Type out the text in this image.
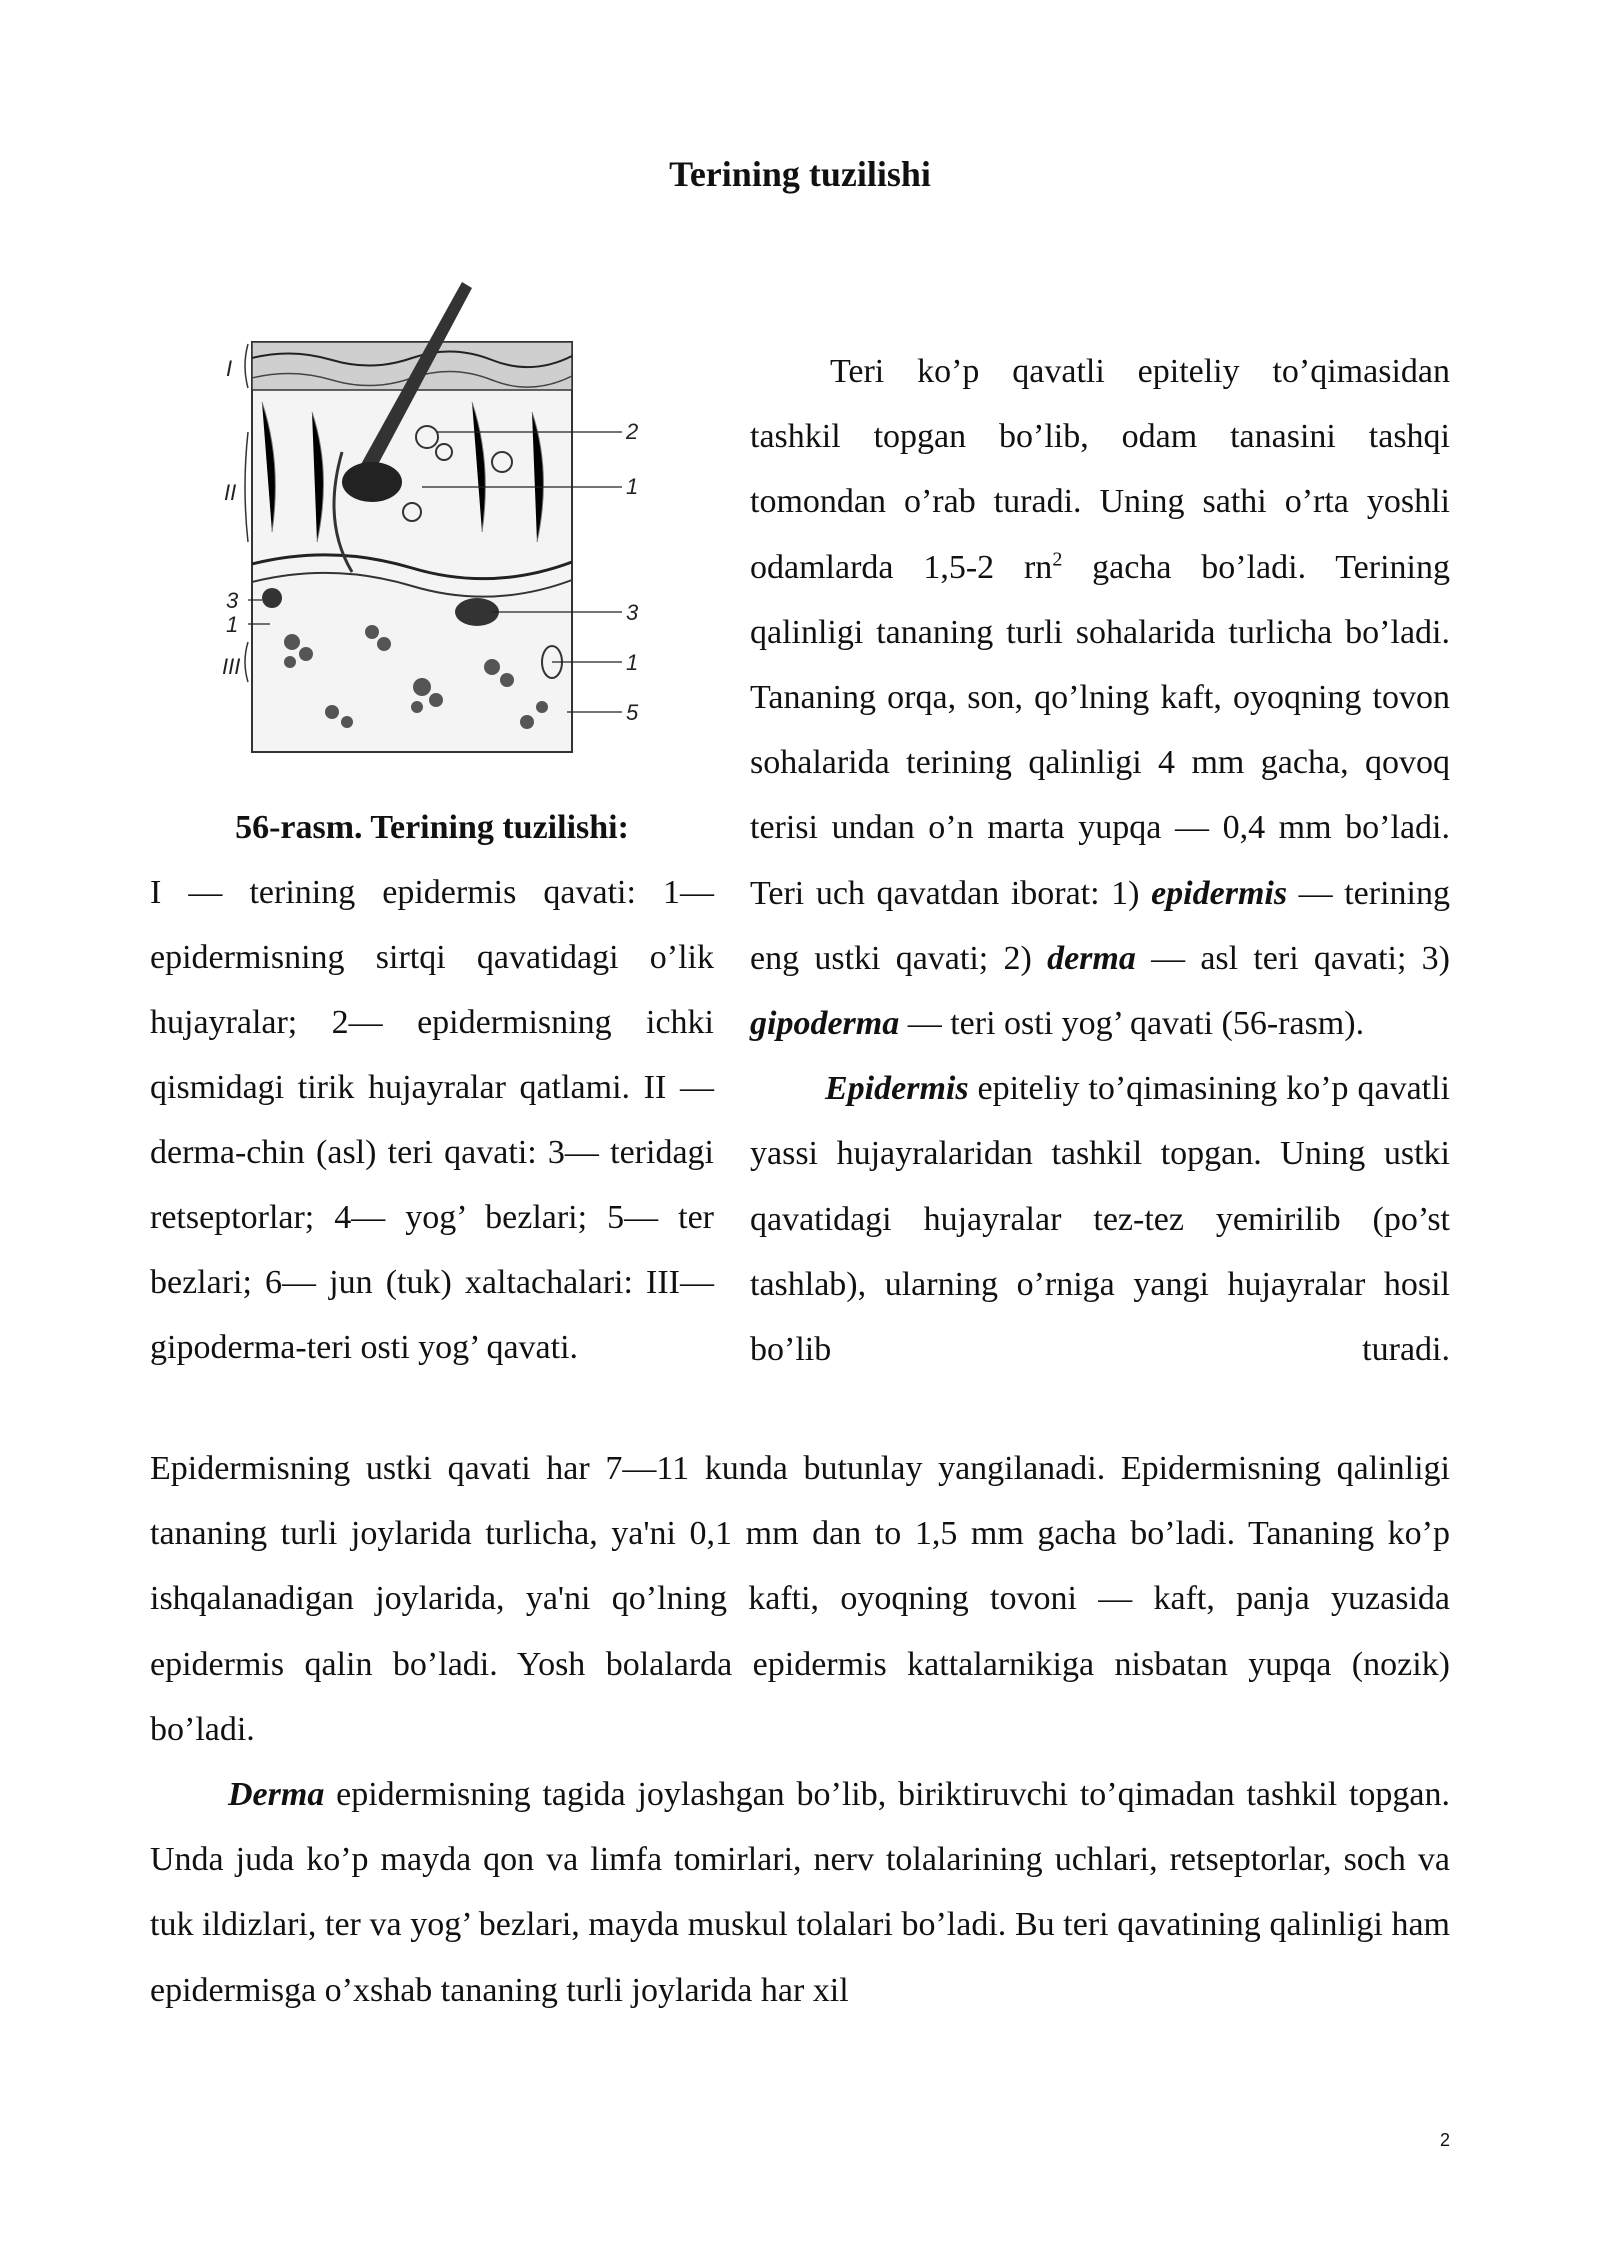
Terining tuzilishi
I
II
3
1
III
2
1
3
1
5
56-rasm. Terining tuzilishi:
I — terining epidermis qavati: 1— epidermisning sirtqi qavatidagi o’lik hujayralar; 2— epidermisning ichki qismidagi tirik hujayralar qatlami. II — derma-chin (asl) teri qavati: 3— teridagi retseptorlar; 4— yog’ bezlari; 5— ter bezlari; 6— jun (tuk) xaltachalari: III— gipoderma-teri osti yog’ qavati.

Teri ko’p qavatli epiteliy to’qimasidan tashkil topgan bo’lib, odam tanasini tashqi tomondan o’rab turadi. Uning sathi o’rta yoshli odamlarda 1,5-2 $rn^2$ gacha bo’ladi. Terining qalinligi tananing turli sohalarida turlicha bo’ladi. Tananing orqa, son, qo’lning kaft, oyoqning tovon sohalarida terining qalinligi 4 mm gacha, qovoq terisi undan o’n marta yupqa — 0,4 mm bo’ladi. Teri uch qavatdan iborat: 1) epidermis — terining eng ustki qavati; 2) derma — asl teri qavati; 3) gipoderma — teri osti yog’ qavati (56-rasm).

Epidermis epiteliy to’qimasining ko’p qavatli yassi hujayralaridan tashkil topgan. Uning ustki qavatidagi hujayralar tez-tez yemirilib (po’st tashlab), ularning o’rniga yangi hujayralar hosil bo’lib turadi.

Epidermisning ustki qavati har 7—11 kunda butunlay yangilanadi. Epidermisning qalinligi tananing turli joylarida turlicha, ya'ni 0,1 mm dan to 1,5 mm gacha bo’ladi. Tananing ko’p ishqalanadigan joylarida, ya'ni qo’lning kafti, oyoqning tovoni — kaft, panja yuzasida epidermis qalin bo’ladi. Yosh bolalarda epidermis kattalarnikiga nisbatan yupqa (nozik) bo’ladi.

Derma epidermisning tagida joylashgan bo’lib, biriktiruvchi to’qimadan tashkil topgan. Unda juda ko’p mayda qon va limfa tomirlari, nerv tolalarining uchlari, retseptorlar, soch va tuk ildizlari, ter va yog’ bezlari, mayda muskul tolalari bo’ladi. Bu teri qavatining qalinligi ham epidermisga o’xshab tananing turli joylarida har xil

2
